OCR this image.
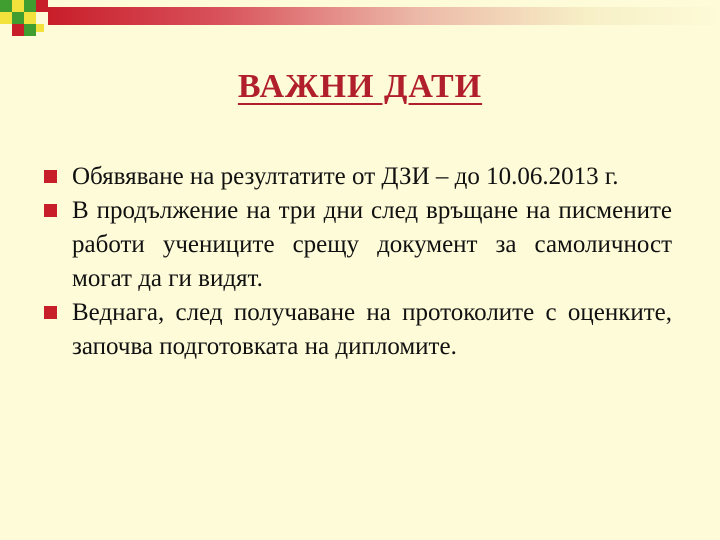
ВАЖНИ ДАТИ
Обявяване на резултатите от ДЗИ – до 10.06.2013 г.
В продължение на три дни след връщане на писмените работи учениците срещу документ за самоличност могат да ги видят.
Веднага, след получаване на протоколите с оценките, започва подготовката на дипломите.
